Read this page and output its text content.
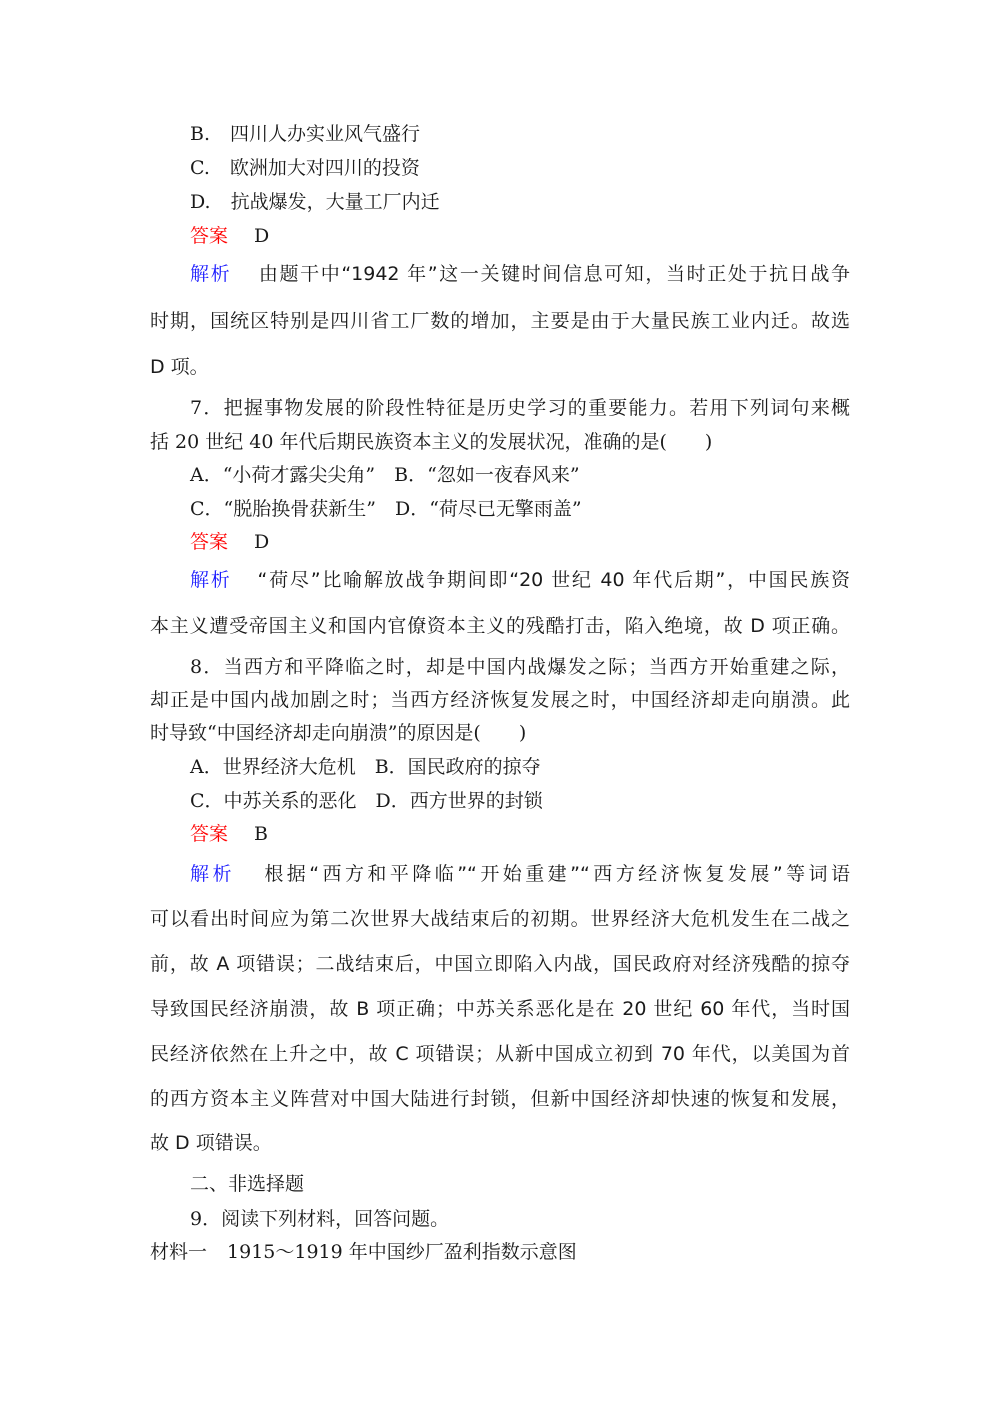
B. 四川人办实业风气盛行
C. 欧洲加大对四川的投资
D. 抗战爆发，大量工厂内迁
答案 D
解析 由题干中“1942 年”这一关键时间信息可知，当时正处于抗日战争
时期，国统区特别是四川省工厂数的增加，主要是由于大量民族工业内迁。故选
D 项。
7．把握事物发展的阶段性特征是历史学习的重要能力。若用下列词句来概
括 20 世纪 40 年代后期民族资本主义的发展状况，准确的是(　　)
A．“小荷才露尖尖角”　B．“忽如一夜春风来”
C．“脱胎换骨获新生”　D．“荷尽已无擎雨盖”
答案 D
解析 “荷尽”比喻解放战争期间即“20 世纪 40 年代后期”，中国民族资
本主义遭受帝国主义和国内官僚资本主义的残酷打击，陷入绝境，故 D 项正确。
8．当西方和平降临之时，却是中国内战爆发之际；当西方开始重建之际，
却正是中国内战加剧之时；当西方经济恢复发展之时，中国经济却走向崩溃。此
时导致“中国经济却走向崩溃”的原因是(　　)
A．世界经济大危机　B．国民政府的掠夺
C．中苏关系的恶化　D．西方世界的封锁
答案 B
解析 根据“西方和平降临”“开始重建”“西方经济恢复发展”等词语
可以看出时间应为第二次世界大战结束后的初期。世界经济大危机发生在二战之
前，故 A 项错误；二战结束后，中国立即陷入内战，国民政府对经济残酷的掠夺
导致国民经济崩溃，故 B 项正确；中苏关系恶化是在 20 世纪 60 年代，当时国
民经济依然在上升之中，故 C 项错误；从新中国成立初到 70 年代，以美国为首
的西方资本主义阵营对中国大陆进行封锁，但新中国经济却快速的恢复和发展，
故 D 项错误。
二、非选择题
9．阅读下列材料，回答问题。
材料一 1915～1919 年中国纱厂盈利指数示意图
